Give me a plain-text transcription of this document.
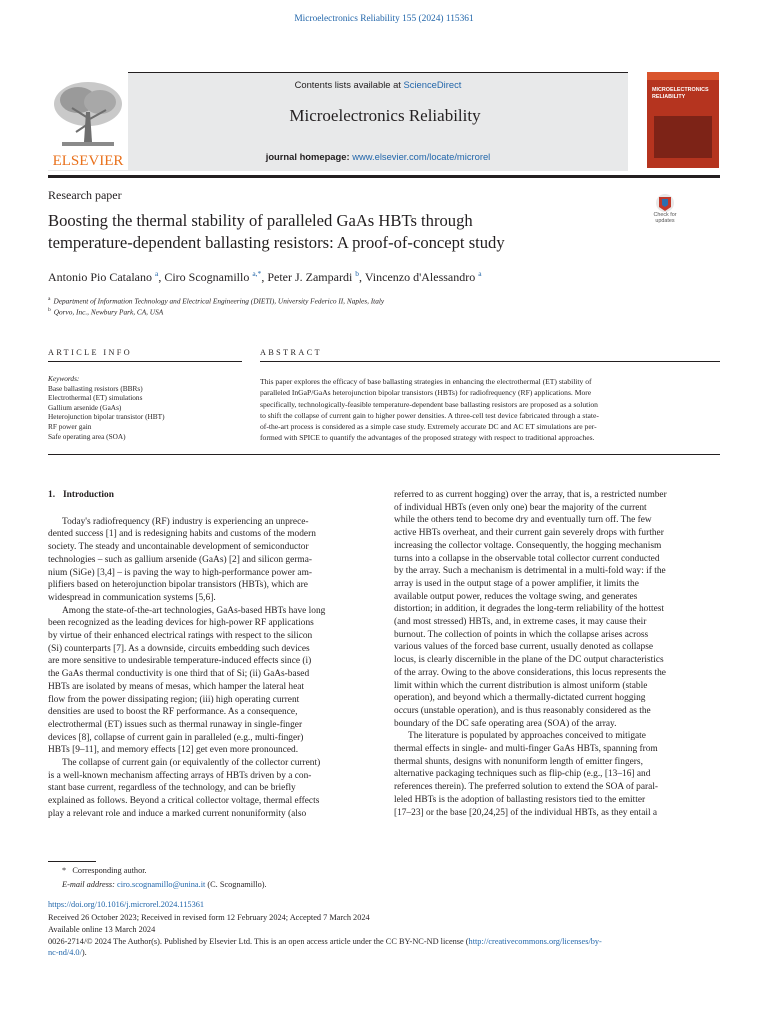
Microelectronics Reliability 155 (2024) 115361
ELSEVIER
Contents lists available at ScienceDirect
Microelectronics Reliability
journal homepage: www.elsevier.com/locate/microrel
MICROELECTRONICS
RELIABILITY
Research paper
Boosting the thermal stability of paralleled GaAs HBTs through
temperature-dependent ballasting resistors: A proof-of-concept study
Check for updates
Antonio Pio Catalano $^a$, Ciro Scognamillo $^{a,*}$, Peter J. Zampardi $^b$, Vincenzo d'Alessandro $^a$
$^a$ Department of Information Technology and Electrical Engineering (DIETI), University Federico II, Naples, Italy
$^b$ Qorvo, Inc., Newbury Park, CA, USA
ARTICLE INFO	ABSTRACT
Keywords:
Base ballasting resistors (BBRs)
Electrothermal (ET) simulations
Gallium arsenide (GaAs)
Heterojunction bipolar transistor (HBT)
RF power gain
Safe operating area (SOA)
This paper explores the efficacy of base ballasting strategies in enhancing the electrothermal (ET) stability of
paralleled InGaP/GaAs heterojunction bipolar transistors (HBTs) for radiofrequency (RF) applications. More
specifically, technologically-feasible temperature-dependent base ballasting resistors are proposed as a solution
to shift the collapse of current gain to higher power densities. A three-cell test device fabricated through a state-
of-the-art process is considered as a simple case study. Extremely accurate DC and AC ET simulations are per-
formed with SPICE to quantify the advantages of the proposed strategy with respect to traditional approaches.

1. Introduction

Today's radiofrequency (RF) industry is experiencing an unprece-

dented success [1] and is redesigning habits and customs of the modern

society. The steady and uncontainable development of semiconductor

technologies – such as gallium arsenide (GaAs) [2] and silicon germa-

nium (SiGe) [3,4] – is paving the way to high-performance power am-

plifiers based on heterojunction bipolar transistors (HBTs), which are

widespread in communication systems [5,6].

Among the state-of-the-art technologies, GaAs-based HBTs have long

been recognized as the leading devices for high-power RF applications

by virtue of their enhanced electrical ratings with respect to the silicon

(Si) counterparts [7]. As a downside, circuits embedding such devices

are more sensitive to undesirable temperature-induced effects since (i)

the GaAs thermal conductivity is one third that of Si; (ii) GaAs-based

HBTs are isolated by means of mesas, which hamper the lateral heat

flow from the power dissipating region; (iii) high operating current

densities are used to boost the RF performance. As a consequence,

electrothermal (ET) issues such as thermal runaway in single-finger

devices [8], collapse of current gain in paralleled (e.g., multi-finger)

HBTs [9–11], and memory effects [12] get even more pronounced.

The collapse of current gain (or equivalently of the collector current)

is a well-known mechanism affecting arrays of HBTs driven by a con-

stant base current, regardless of the technology, and can be briefly

explained as follows. Beyond a critical collector voltage, thermal effects

play a relevant role and induce a marked current nonuniformity (also

referred to as current hogging) over the array, that is, a restricted number

of individual HBTs (even only one) bear the majority of the current

while the others tend to become dry and eventually turn off. The few

active HBTs overheat, and their current gain severely drops with further

increasing the collector voltage. Consequently, the hogging mechanism

turns into a collapse in the observable total collector current conducted

by the array. Such a mechanism is detrimental in a multi-fold way: if the

array is used in the output stage of a power amplifier, it limits the

available output power, reduces the voltage swing, and generates

distortion; in addition, it degrades the long-term reliability of the hottest

(and most stressed) HBTs, and, in extreme cases, it may cause their

burnout. The collection of points in which the collapse arises across

various values of the forced base current, usually denoted as collapse

locus, is clearly discernible in the plane of the DC output characteristics

of the array. Owing to the above considerations, this locus represents the

limit within which the current distribution is almost uniform (stable

operation), and beyond which a thermally-dictated current hogging

occurs (unstable operation), and is thus reasonably considered as the

boundary of the DC safe operating area (SOA) of the array.

The literature is populated by approaches conceived to mitigate

thermal effects in single- and multi-finger GaAs HBTs, spanning from

thermal shunts, designs with nonuniform length of emitter fingers,

alternative packaging techniques such as flip-chip (e.g., [13–16] and

references therein). The preferred solution to extend the SOA of paral-

leled HBTs is the adoption of ballasting resistors tied to the emitter

[17–23] or the base [20,24,25] of the individual HBTs, as they entail a

* Corresponding author.
E-mail address: ciro.scognamillo@unina.it (C. Scognamillo).
https://doi.org/10.1016/j.microrel.2024.115361
Received 26 October 2023; Received in revised form 12 February 2024; Accepted 7 March 2024
Available online 13 March 2024
0026-2714/© 2024 The Author(s). Published by Elsevier Ltd. This is an open access article under the CC BY-NC-ND license (http://creativecommons.org/licenses/by-
nc-nd/4.0/).
